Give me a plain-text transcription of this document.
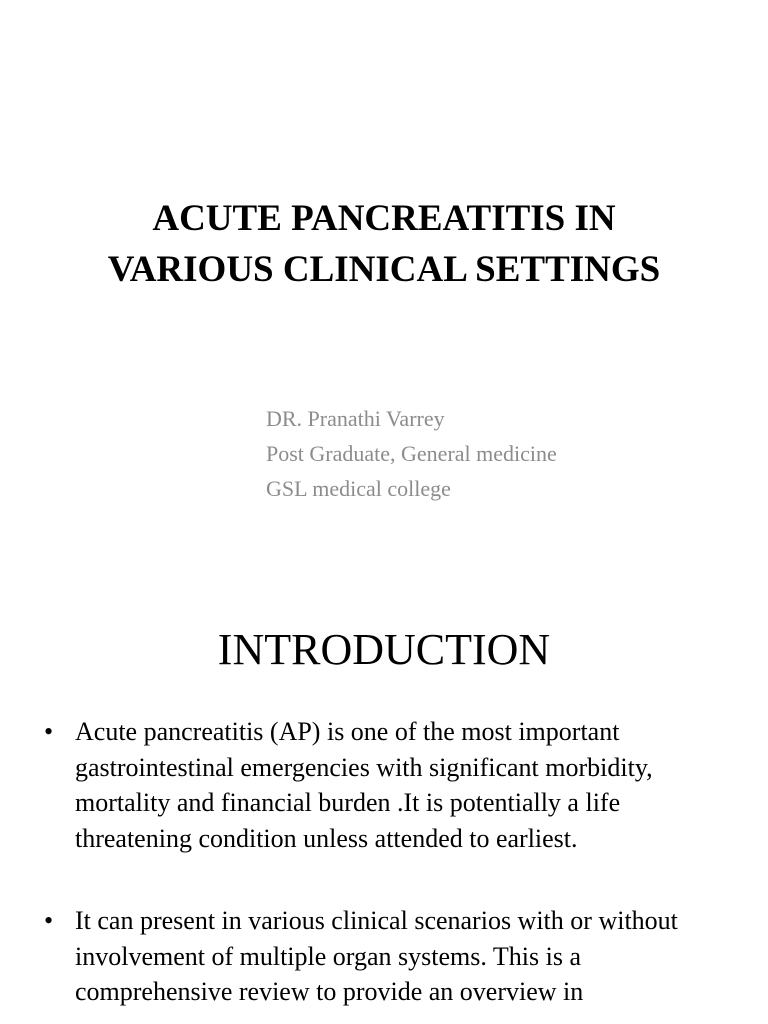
ACUTE PANCREATITIS IN
VARIOUS CLINICAL SETTINGS
DR. Pranathi Varrey
Post Graduate, General medicine
GSL medical college
INTRODUCTION
• Acute pancreatitis (AP) is one of the most important gastrointestinal emergencies with significant morbidity, mortality and financial burden .It is potentially a life threatening condition unless attended to earliest.
• It can present in various clinical scenarios with or without involvement of multiple organ systems. This is a comprehensive review to provide an overview in
